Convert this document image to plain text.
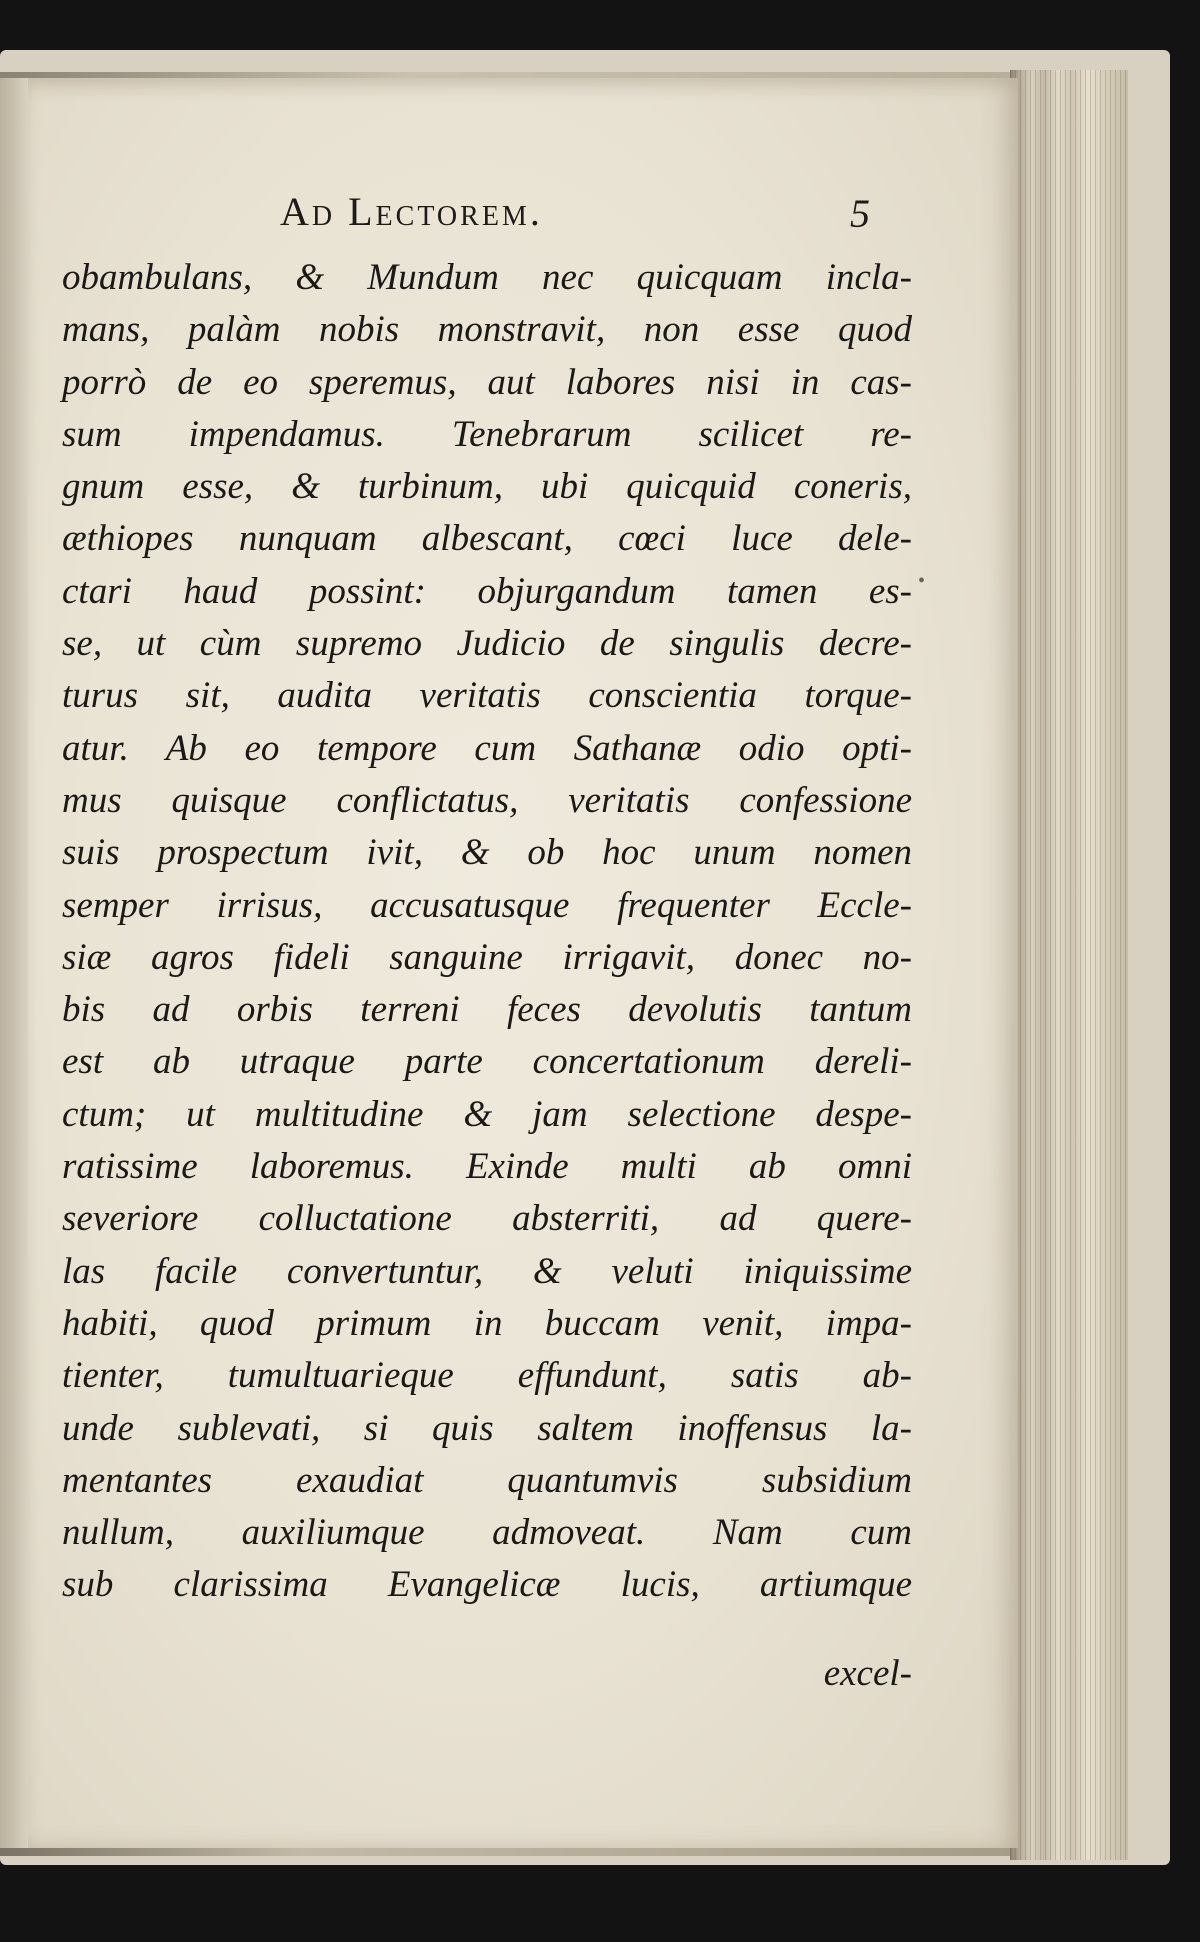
Ad Lectorem.	5
obambulans, & Mundum nec quicquam incla-
mans, palàm nobis monstravit, non esse quod
porrò de eo speremus, aut labores nisi in cas-
sum impendamus. Tenebrarum scilicet re-
gnum esse, & turbinum, ubi quicquid coneris,
æthiopes nunquam albescant, cœci luce dele-
ctari haud possint: objurgandum tamen es-
se, ut cùm supremo Judicio de singulis decre-
turus sit, audita veritatis conscientia torque-
atur. Ab eo tempore cum Sathanæ odio opti-
mus quisque conflictatus, veritatis confessione
suis prospectum ivit, & ob hoc unum nomen
semper irrisus, accusatusque frequenter Eccle-
siæ agros fideli sanguine irrigavit, donec no-
bis ad orbis terreni feces devolutis tantum
est ab utraque parte concertationum dereli-
ctum; ut multitudine & jam selectione despe-
ratissime laboremus. Exinde multi ab omni
severiore colluctatione absterriti, ad quere-
las facile convertuntur, & veluti iniquissime
habiti, quod primum in buccam venit, impa-
tienter, tumultuarieque effundunt, satis ab-
unde sublevati, si quis saltem inoffensus la-
mentantes exaudiat quantumvis subsidium
nullum, auxiliumque admoveat. Nam cum
sub clarissima Evangelicæ lucis, artiumque
excel-
•
